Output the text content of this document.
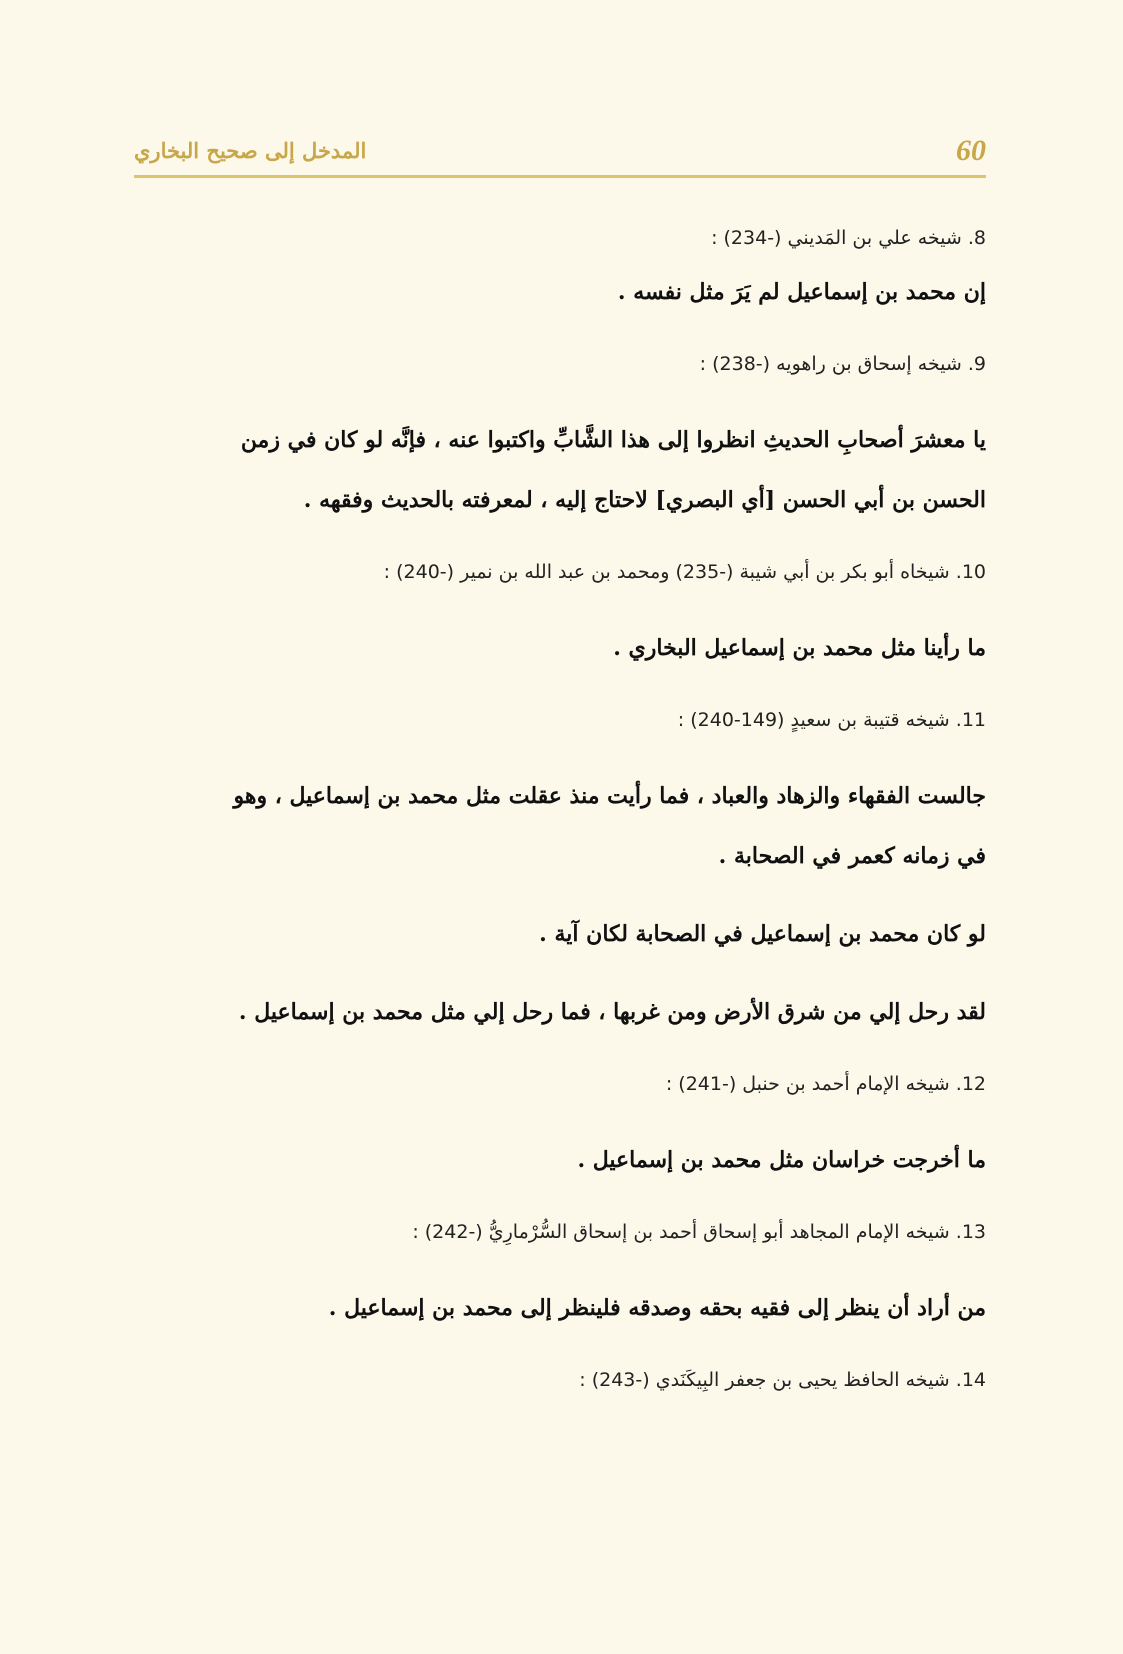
المدخل إلى صحيح البخاري	60

8. شيخه علي بن المَديني (-234) :

إن محمد بن إسماعيل لم يَرَ مثل نفسه .

9. شيخه إسحاق بن راهويه (-238) :

يا معشرَ أصحابِ الحديثِ انظروا إلى هذا الشَّابِّ واكتبوا عنه ، فإنَّه لو كان في زمن

الحسن بن أبي الحسن [أي البصري] لاحتاج إليه ، لمعرفته بالحديث وفقهه .

10. شيخاه أبو بكر بن أبي شيبة (-235) ومحمد بن عبد الله بن نمير (-240) :

ما رأينا مثل محمد بن إسماعيل البخاري .

11. شيخه قتيبة بن سعيدٍ (149-240) :

جالست الفقهاء والزهاد والعباد ، فما رأيت منذ عقلت مثل محمد بن إسماعيل ، وهو

في زمانه كعمر في الصحابة .

لو كان محمد بن إسماعيل في الصحابة لكان آية .

لقد رحل إلي من شرق الأرض ومن غربها ، فما رحل إلي مثل محمد بن إسماعيل .

12. شيخه الإمام أحمد بن حنبل (-241) :

ما أخرجت خراسان مثل محمد بن إسماعيل .

13. شيخه الإمام المجاهد أبو إسحاق أحمد بن إسحاق السُّرْمارِيُّ (-242) :

من أراد أن ينظر إلى فقيه بحقه وصدقه فلينظر إلى محمد بن إسماعيل .

14. شيخه الحافظ يحيى بن جعفر البِيكَنَدي (-243) :
